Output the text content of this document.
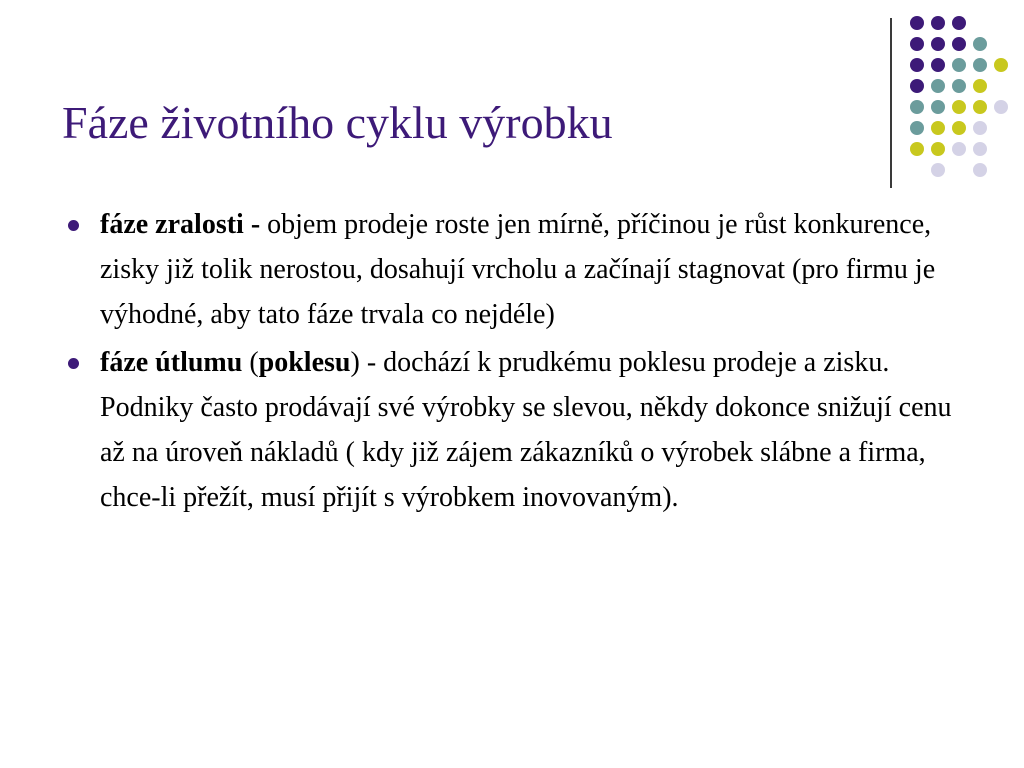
Fáze životního cyklu výrobku
fáze zralosti - objem prodeje roste jen mírně, příčinou je růst konkurence, zisky již tolik nerostou, dosahují vrcholu a začínají stagnovat (pro firmu je výhodné, aby tato fáze trvala co nejdéle)
fáze útlumu (poklesu) - dochází k prudkému poklesu prodeje a zisku. Podniky často prodávají své výrobky se slevou, někdy dokonce snižují cenu až na úroveň nákladů ( kdy již zájem zákazníků o výrobek slábne a firma, chce-li přežít, musí přijít s výrobkem inovovaným).
